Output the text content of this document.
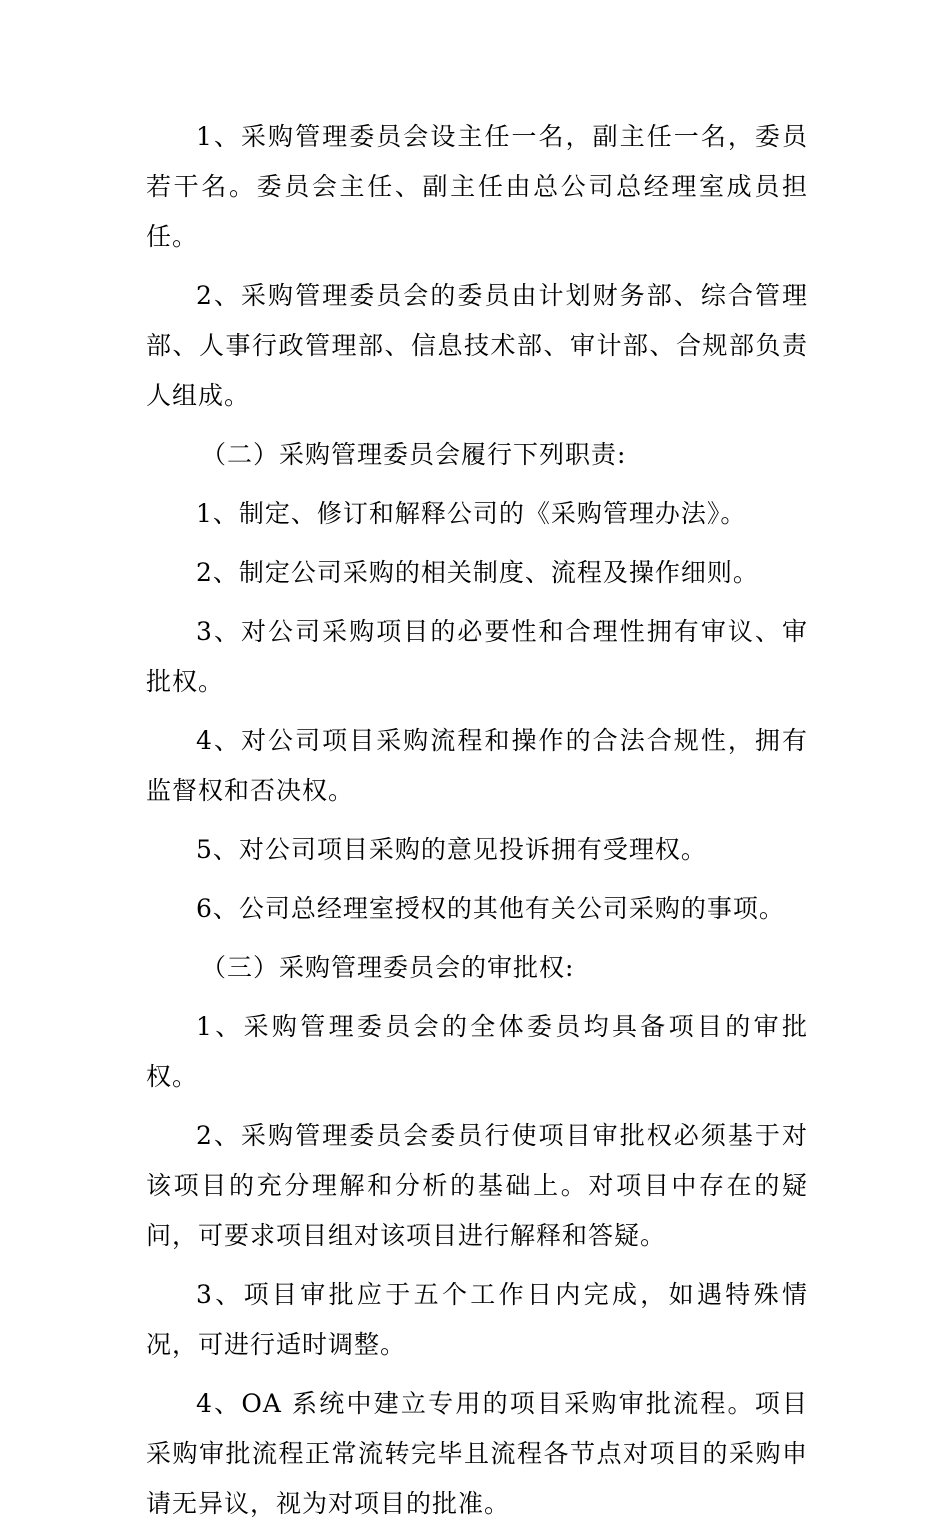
1、采购管理委员会设主任一名，副主任一名，委员若干名。委员会主任、副主任由总公司总经理室成员担任。

2、采购管理委员会的委员由计划财务部、综合管理部、人事行政管理部、信息技术部、审计部、合规部负责人组成。

（二）采购管理委员会履行下列职责:

1、制定、修订和解释公司的《采购管理办法》。

2、制定公司采购的相关制度、流程及操作细则。

3、对公司采购项目的必要性和合理性拥有审议、审批权。

4、对公司项目采购流程和操作的合法合规性，拥有监督权和否决权。

5、对公司项目采购的意见投诉拥有受理权。

6、公司总经理室授权的其他有关公司采购的事项。

（三）采购管理委员会的审批权:

1、采购管理委员会的全体委员均具备项目的审批权。

2、采购管理委员会委员行使项目审批权必须基于对该项目的充分理解和分析的基础上。对项目中存在的疑问，可要求项目组对该项目进行解释和答疑。

3、项目审批应于五个工作日内完成，如遇特殊情况，可进行适时调整。

4、OA 系统中建立专用的项目采购审批流程。项目采购审批流程正常流转完毕且流程各节点对项目的采购申请无异议，视为对项目的批准。
